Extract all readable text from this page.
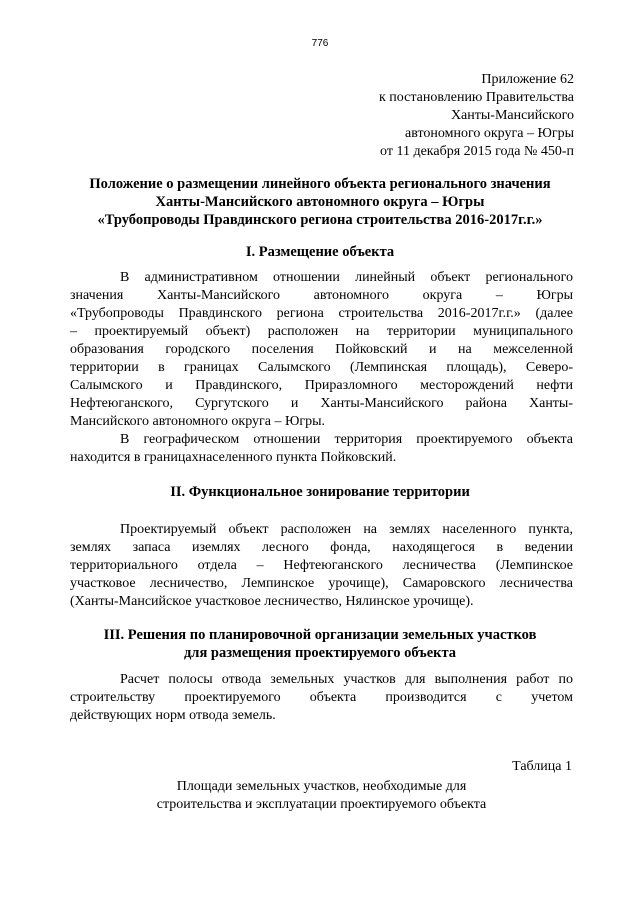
776
Приложение 62
к постановлению Правительства
Ханты-Мансийского
автономного округа – Югры
от 11 декабря 2015 года № 450-п
Положение о размещении линейного объекта регионального значения
Ханты-Мансийского автономного округа – Югры
«Трубопроводы Правдинского региона строительства 2016-2017г.г.»
I. Размещение объекта
В административном отношении линейный объект регионального
значения Ханты-Мансийского автономного округа – Югры
«Трубопроводы Правдинского региона строительства 2016-2017г.г.» (далее
– проектируемый объект) расположен на территории муниципального
образования городского поселения Пойковский и на межселенной
территории в границах Салымского (Лемпинская площадь), Северо-
Салымского и Правдинского, Приразломного месторождений нефти
Нефтеюганского, Сургутского и Ханты-Мансийского района Ханты-
Мансийского автономного округа – Югры.
В географическом отношении территория проектируемого объекта
находится в границахнаселенного пункта Пойковский.
II. Функциональное зонирование территории
Проектируемый объект расположен на землях населенного пункта,
землях запаса иземлях лесного фонда, находящегося в ведении
территориального отдела – Нефтеюганского лесничества (Лемпинское
участковое лесничество, Лемпинское урочище), Самаровского лесничества
(Ханты-Мансийское участковое лесничество, Нялинское урочище).
III. Решения по планировочной организации земельных участков
для размещения проектируемого объекта
Расчет полосы отвода земельных участков для выполнения работ по
строительству проектируемого объекта производится с учетом
действующих норм отвода земель.
Таблица 1
Площади земельных участков, необходимые для
строительства и эксплуатации проектируемого объекта
